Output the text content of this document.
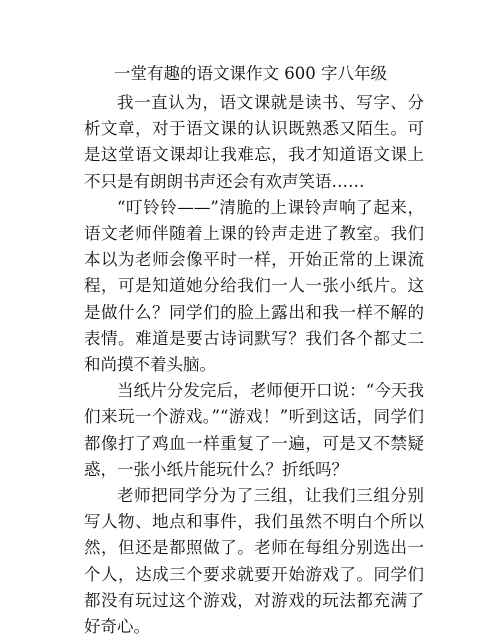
一堂有趣的语文课作文 600 字八年级

我一直认为，语文课就是读书、写字、分析文章，对于语文课的认识既熟悉又陌生。可是这堂语文课却让我难忘，我才知道语文课上不只是有朗朗书声还会有欢声笑语……

“叮铃铃——”清脆的上课铃声响了起来，语文老师伴随着上课的铃声走进了教室。我们本以为老师会像平时一样，开始正常的上课流程，可是知道她分给我们一人一张小纸片。这是做什么？同学们的脸上露出和我一样不解的表情。难道是要古诗词默写？我们各个都丈二和尚摸不着头脑。

当纸片分发完后，老师便开口说：“今天我们来玩一个游戏。”“游戏！”听到这话，同学们都像打了鸡血一样重复了一遍，可是又不禁疑惑，一张小纸片能玩什么？折纸吗？

老师把同学分为了三组，让我们三组分别写人物、地点和事件，我们虽然不明白个所以然，但还是都照做了。老师在每组分别选出一个人，达成三个要求就要开始游戏了。同学们都没有玩过这个游戏，对游戏的玩法都充满了好奇心。
